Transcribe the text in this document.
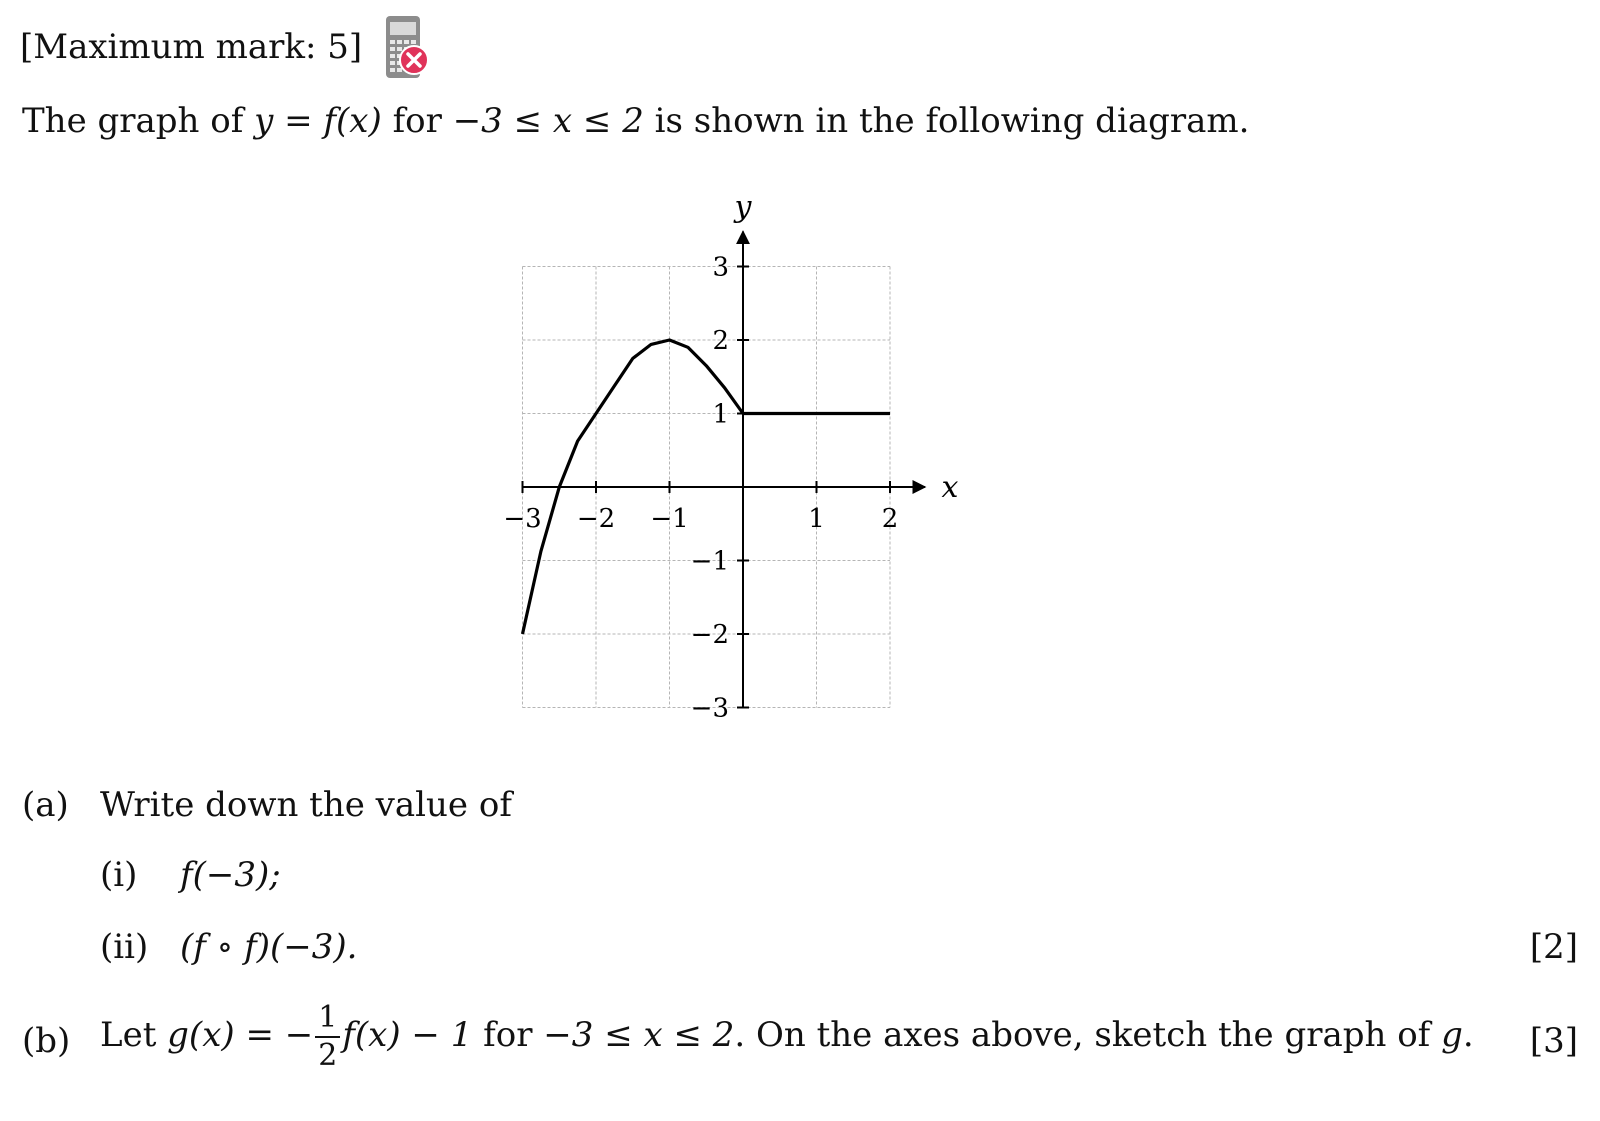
[Maximum mark: 5]
The graph of y = f(x) for −3 ≤ x ≤ 2 is shown in the following diagram.
x
y
−3 −2 −1	1 2
3
2
1
−1
−2
−3
(a) Write down the value of
(i) f(−3);
(ii) (f ∘ f)(−3).	[2]
(b) Let g(x) = − $\frac{1}{2} f(x) - 1$ for −3 ≤ x ≤ 2. On the axes above, sketch the graph of g. [3]
